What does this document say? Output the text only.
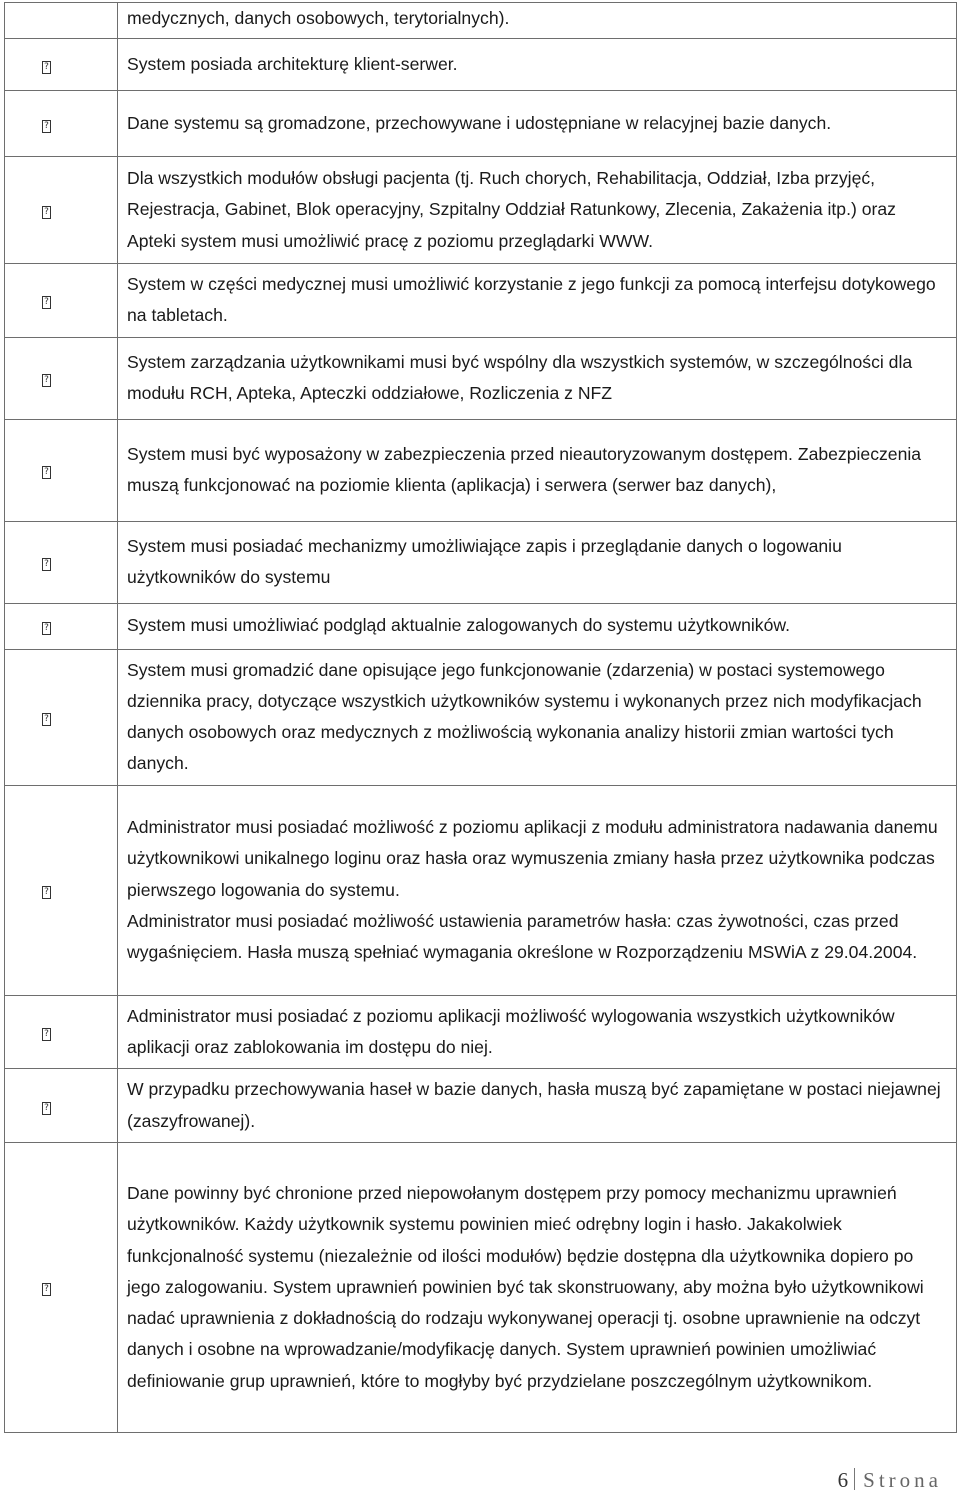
	medycznych, danych osobowych, terytorialnych).

?	System posiada architekturę klient-serwer.

?	Dane systemu są gromadzone, przechowywane i udostępniane w relacyjnej bazie danych.

?	Dla wszystkich modułów obsługi pacjenta (tj. Ruch chorych, Rehabilitacja, Oddział, Izba przyjęć, Rejestracja, Gabinet, Blok operacyjny, Szpitalny Oddział Ratunkowy, Zlecenia, Zakażenia itp.) oraz Apteki system musi umożliwić pracę z poziomu przeglądarki WWW.

?	System w części medycznej musi umożliwić korzystanie z jego funkcji za pomocą interfejsu dotykowego na tabletach.

?	System zarządzania użytkownikami musi być wspólny dla wszystkich systemów, w szczególności dla modułu RCH, Apteka, Apteczki oddziałowe, Rozliczenia z NFZ

?	System musi być wyposażony w zabezpieczenia przed nieautoryzowanym dostępem. Zabezpieczenia muszą funkcjonować na poziomie klienta (aplikacja) i serwera (serwer baz danych),

?	System musi posiadać mechanizmy umożliwiające zapis i przeglądanie danych o logowaniu użytkowników do systemu

?	System musi umożliwiać podgląd aktualnie zalogowanych do systemu użytkowników.

?	System musi gromadzić dane opisujące jego funkcjonowanie (zdarzenia) w postaci systemowego dziennika pracy, dotyczące wszystkich użytkowników systemu i wykonanych przez nich modyfikacjach danych osobowych oraz medycznych z możliwością wykonania analizy historii zmian wartości tych danych.

?	Administrator musi posiadać możliwość z poziomu aplikacji z modułu administratora nadawania danemu użytkownikowi unikalnego loginu oraz hasła oraz wymuszenia zmiany hasła przez użytkownika podczas pierwszego logowania do systemu.

Administrator musi posiadać możliwość ustawienia parametrów hasła: czas żywotności, czas przed wygaśnięciem. Hasła muszą spełniać wymagania określone w Rozporządzeniu MSWiA z 29.04.2004.

?	Administrator musi posiadać z poziomu aplikacji możliwość wylogowania wszystkich użytkowników aplikacji oraz zablokowania im dostępu do niej.

?	W przypadku przechowywania haseł w bazie danych, hasła muszą być zapamiętane w postaci niejawnej (zaszyfrowanej).

?	Dane powinny być chronione przed niepowołanym dostępem przy pomocy mechanizmu uprawnień użytkowników. Każdy użytkownik systemu powinien mieć odrębny login i hasło. Jakakolwiek funkcjonalność systemu (niezależnie od ilości modułów) będzie dostępna dla użytkownika dopiero po jego zalogowaniu. System uprawnień powinien być tak skonstruowany, aby można było użytkownikowi nadać uprawnienia z dokładnością do rodzaju wykonywanej operacji tj. osobne uprawnienie na odczyt danych i osobne na wprowadzanie/modyfikację danych. System uprawnień powinien umożliwiać definiowanie grup uprawnień, które to mogłyby być przydzielane poszczególnym użytkownikom.

6 Strona
